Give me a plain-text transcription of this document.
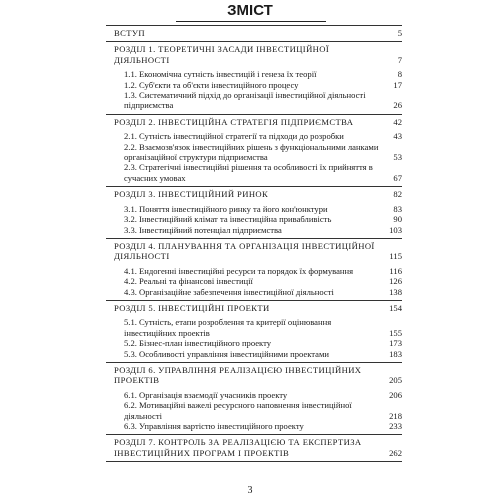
ЗМІСТ
ВСТУП	5
РОЗДІЛ 1. ТЕОРЕТИЧНІ ЗАСАДИ ІНВЕСТИЦІЙНОЇ ДІЯЛЬНОСТІ	7
1.1. Економічна сутність інвестицій і генеза їх теорії	8
1.2. Суб'єкти та об'єкти інвестиційного процесу	17
1.3. Систематичний підхід до організації інвестиційної діяльності підприємства	26
РОЗДІЛ 2. ІНВЕСТИЦІЙНА СТРАТЕГІЯ ПІДПРИЄМСТВА	42
2.1. Сутність інвестиційної стратегії та підходи до розробки	43
2.2. Взаємозв'язок інвестиційних рішень з функціональними ланками організаційної структури підприємства	53
2.3. Стратегічні інвестиційні рішення та особливості їх прийняття в сучасних умовах	67
РОЗДІЛ 3. ІНВЕСТИЦІЙНИЙ РИНОК	82
3.1. Поняття інвестиційного ринку та його кон'юнктури	83
3.2. Інвестиційний клімат та інвестиційна привабливість	90
3.3. Інвестиційний потенціал підприємства	103
РОЗДІЛ 4. ПЛАНУВАННЯ ТА ОРГАНІЗАЦІЯ ІНВЕСТИЦІЙНОЇ ДІЯЛЬНОСТІ	115
4.1. Ендогенні інвестиційні ресурси та порядок їх формування	116
4.2. Реальні та фінансові інвестиції	126
4.3. Організаційне забезпечення інвестиційної діяльності	138
РОЗДІЛ 5. ІНВЕСТИЦІЙНІ ПРОЕКТИ	154
5.1. Сутність, етапи розроблення та критерії оцінювання інвестиційних проектів	155
5.2. Бізнес-план інвестиційного проекту	173
5.3. Особливості управління інвестиційними проектами	183
РОЗДІЛ 6. УПРАВЛІННЯ РЕАЛІЗАЦІЄЮ ІНВЕСТИЦІЙНИХ ПРОЕКТІВ	205
6.1. Організація взаємодії учасників проекту	206
6.2. Мотиваційні важелі ресурсного наповнення інвестиційної діяльності	218
6.3. Управління вартістю інвестиційного проекту	233
РОЗДІЛ 7. КОНТРОЛЬ ЗА РЕАЛІЗАЦІЄЮ ТА ЕКСПЕРТИЗА ІНВЕСТИЦІЙНИХ ПРОГРАМ І ПРОЕКТІВ	262
3
